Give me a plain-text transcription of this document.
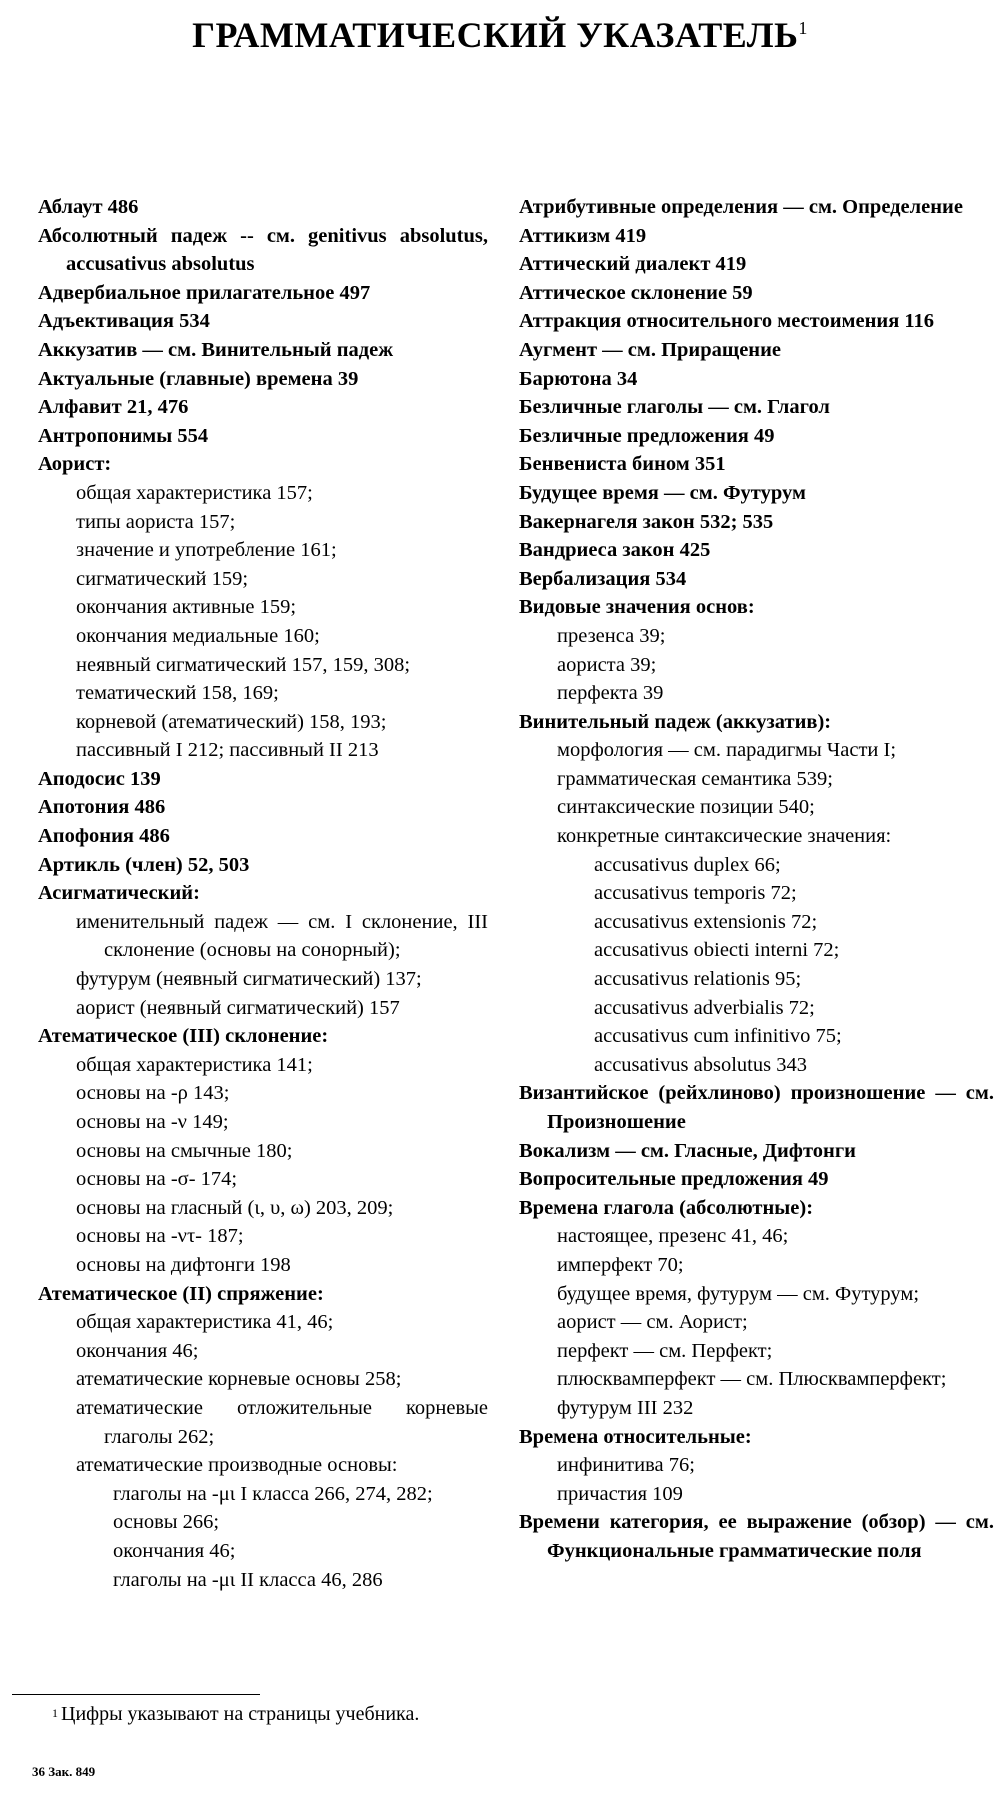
ГРАММАТИЧЕСКИЙ УКАЗАТЕЛЬ$^1$
Аблаут 486
Абсолютный падеж -- см. genitivus absolutus, accusativus absolutus
Адвербиальное прилагательное 497
Адъективация 534
Аккузатив — см. Винительный падеж
Актуальные (главные) времена 39
Алфавит 21, 476
Антропонимы 554
Аорист:
общая характеристика 157;
типы аориста 157;
значение и употребление 161;
сигматический 159;
окончания активные 159;
окончания медиальные 160;
неявный сигматический 157, 159, 308;
тематический 158, 169;
корневой (атематический) 158, 193;
пассивный I 212; пассивный II 213
Аподосис 139
Апотония 486
Апофония 486
Артикль (член) 52, 503
Асигматический:
именительный падеж — см. I склонение, III склонение (основы на сонорный);
футурум (неявный сигматический) 137;
аорист (неявный сигматический) 157
Атематическое (III) склонение:
общая характеристика 141;
основы на -ρ 143;
основы на -ν 149;
основы на смычные 180;
основы на -σ- 174;
основы на гласный (ι, υ, ω) 203, 209;
основы на -ντ- 187;
основы на дифтонги 198
Атематическое (II) спряжение:
общая характеристика 41, 46;
окончания 46;
атематические корневые основы 258;
атематические отложительные корневые глаголы 262;
атематические производные основы:
глаголы на -μι I класса 266, 274, 282;
основы 266;
окончания 46;
глаголы на -μι II класса 46, 286
Атрибутивные определения — см. Определение
Аттикизм 419
Аттический диалект 419
Аттическое склонение 59
Аттракция относительного местоимения 116
Аугмент — см. Приращение
Барютона 34
Безличные глаголы — см. Глагол
Безличные предложения 49
Бенвениста бином 351
Будущее время — см. Футурум
Вакернагеля закон 532; 535
Вандриеса закон 425
Вербализация 534
Видовые значения основ:
презенса 39;
аориста 39;
перфекта 39
Винительный падеж (аккузатив):
морфология — см. парадигмы Части I;
грамматическая семантика 539;
синтаксические позиции 540;
конкретные синтаксические значения:
accusativus duplex 66;
accusativus temporis 72;
accusativus extensionis 72;
accusativus obiecti interni 72;
accusativus relationis 95;
accusativus adverbialis 72;
accusativus cum infinitivo 75;
accusativus absolutus 343
Византийское (рейхлиново) произношение — см. Произношение
Вокализм — см. Гласные, Дифтонги
Вопросительные предложения 49
Времена глагола (абсолютные):
настоящее, презенс 41, 46;
имперфект 70;
будущее время, футурум — см. Футурум;
аорист — см. Аорист;
перфект — см. Перфект;
плюсквамперфект — см. Плюсквамперфект;
футурум III 232
Времена относительные:
инфинитива 76;
причастия 109
Времени категория, ее выражение (обзор) — см. Функциональные грамматические поля
$^1$ Цифры указывают на страницы учебника.
36 Зак. 849
